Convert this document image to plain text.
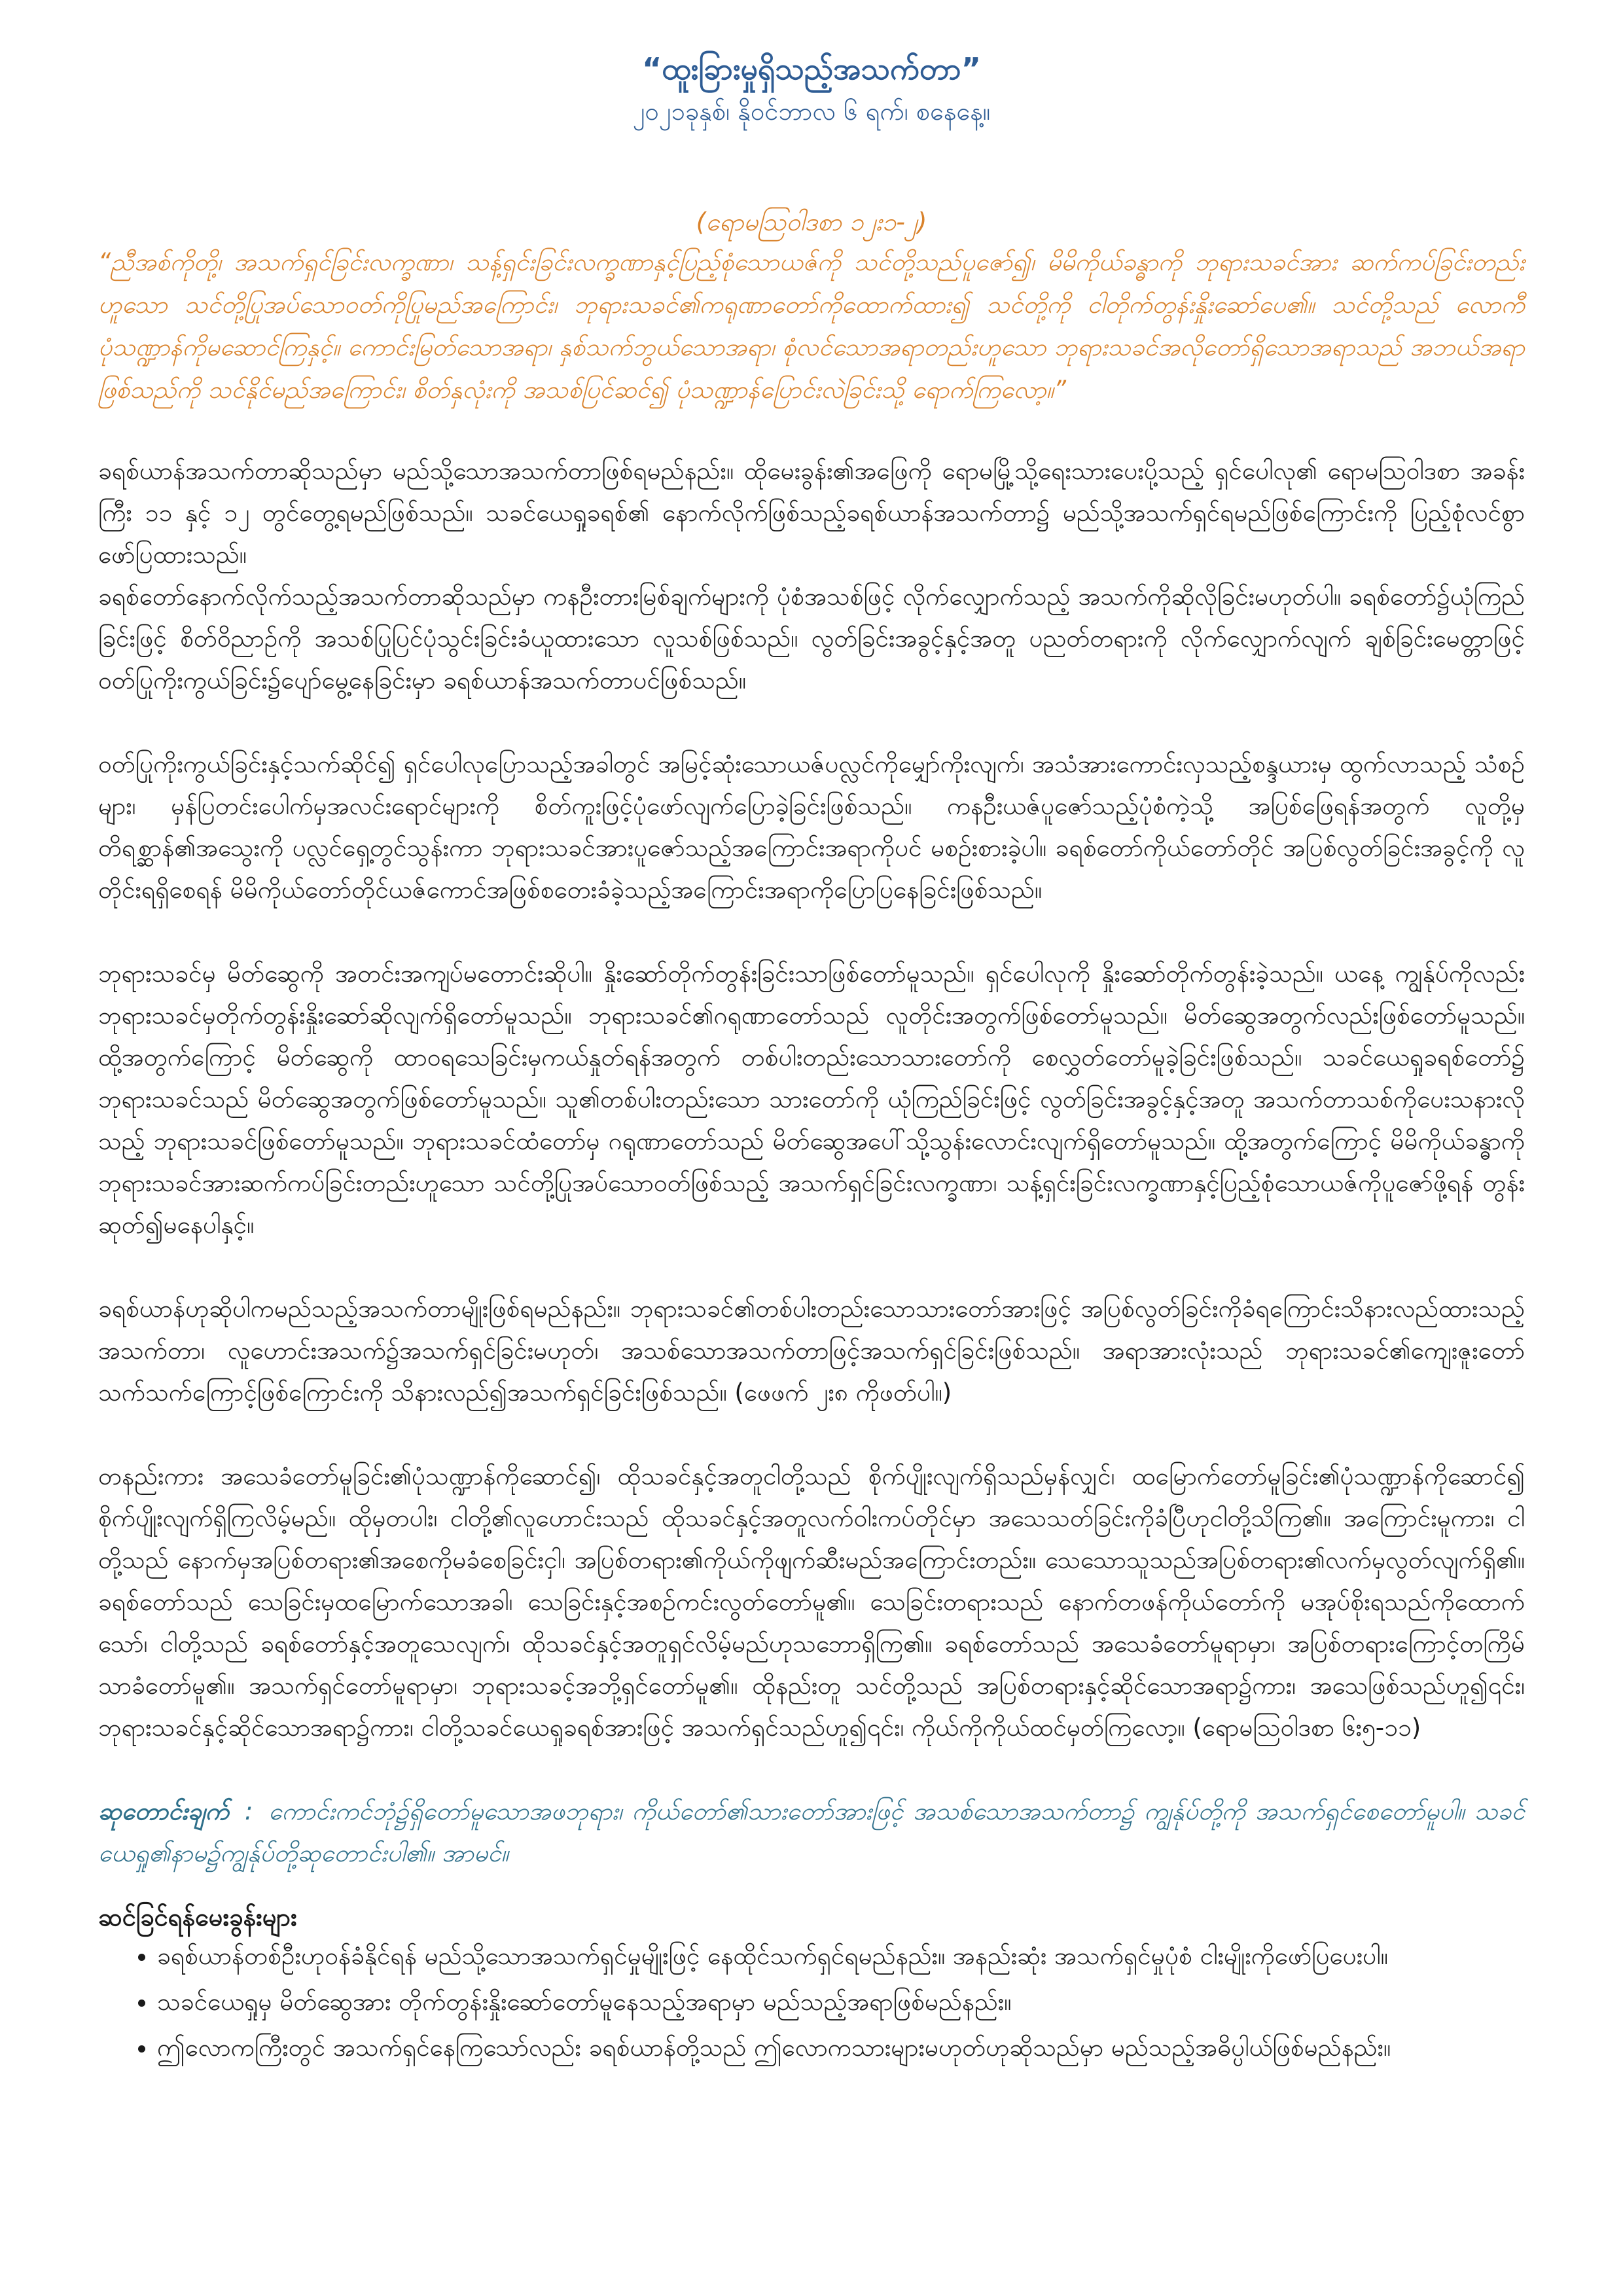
“ထူးခြားမှုရှိသည့်အသက်တာ”

၂၀၂၁ခုနှစ်၊ နိုဝင်ဘာလ ၆ ရက်၊ စနေနေ့။

(ရောမဩဝါဒစာ ၁၂း၁-၂)

“ညီအစ်ကိုတို့၊ အသက်ရှင်ခြင်းလက္ခဏာ၊ သန့်ရှင်းခြင်းလက္ခဏာနှင့်ပြည့်စုံသောယဇ်ကို သင်တို့သည်ပူဇော်၍၊ မိမိကိုယ်ခန္ဓာကို ဘုရားသခင်အား ဆက်ကပ်ခြင်းတည်းဟူသော သင်တို့ပြုအပ်သောဝတ်ကိုပြုမည်အကြောင်း၊ ဘုရားသခင်၏ကရုဏာတော်ကိုထောက်ထား၍ သင်တို့ကို ငါတိုက်တွန်းနှိုးဆော်ပေ၏။ သင်တို့သည် လောကီပုံသဏ္ဍာန်ကိုမဆောင်ကြနှင့်။ ကောင်းမြတ်သောအရာ၊ နှစ်သက်ဘွယ်သောအရာ၊ စုံလင်သောအရာတည်းဟူသော ဘုရားသခင်အလိုတော်ရှိသောအရာသည် အဘယ်အရာဖြစ်သည်ကို သင်နိုင်မည်အကြောင်း၊ စိတ်နှလုံးကို အသစ်ပြင်ဆင်၍ ပုံသဏ္ဍာန်ပြောင်းလဲခြင်းသို့ ရောက်ကြလော့။”

ခရစ်ယာန်အသက်တာဆိုသည်မှာ မည်သို့သောအသက်တာဖြစ်ရမည်နည်း။ ထိုမေးခွန်း၏အဖြေကို ရောမမြို့သို့ရေးသားပေးပို့သည့် ရှင်ပေါလု၏ ရောမဩဝါဒစာ အခန်းကြီး ၁၁ နှင့် ၁၂ တွင်တွေ့ရမည်ဖြစ်သည်။ သခင်ယေရှုခရစ်၏ နောက်လိုက်ဖြစ်သည့်ခရစ်ယာန်အသက်တာ၌ မည်သို့အသက်ရှင်ရမည်ဖြစ်ကြောင်းကို ပြည့်စုံလင်စွာဖော်ပြထားသည်။

ခရစ်တော်နောက်လိုက်သည့်အသက်တာဆိုသည်မှာ ကနဦးတားမြစ်ချက်များကို ပုံစံအသစ်ဖြင့် လိုက်လျှောက်သည့် အသက်ကိုဆိုလိုခြင်းမဟုတ်ပါ။ ခရစ်တော်၌ယုံကြည်ခြင်းဖြင့် စိတ်ဝိညာဉ်ကို အသစ်ပြုပြင်ပုံသွင်းခြင်းခံယူထားသော လူသစ်ဖြစ်သည်။ လွတ်ခြင်းအခွင့်နှင့်အတူ ပညတ်တရားကို လိုက်လျှောက်လျက် ချစ်ခြင်းမေတ္တာဖြင့် ဝတ်ပြုကိုးကွယ်ခြင်း၌ပျော်မွေ့နေခြင်းမှာ ခရစ်ယာန်အသက်တာပင်ဖြစ်သည်။

ဝတ်ပြုကိုးကွယ်ခြင်းနှင့်သက်ဆိုင်၍ ရှင်ပေါလုပြောသည့်အခါတွင် အမြင့်ဆုံးသောယဇ်ပလ္လင်ကိုမျှော်ကိုးလျက်၊ အသံအားကောင်းလှသည့်စန္ဒယားမှ ထွက်လာသည့် သံစဉ်များ၊ မှန်ပြတင်းပေါက်မှအလင်းရောင်များကို စိတ်ကူးဖြင့်ပုံဖော်လျက်ပြောခဲ့ခြင်းဖြစ်သည်။ ကနဦးယဇ်ပူဇော်သည့်ပုံစံကဲ့သို့ အပြစ်ဖြေရန်အတွက် လူတို့မှတိရစ္ဆာန်၏အသွေးကို ပလ္လင်ရှေ့တွင်သွန်းကာ ဘုရားသခင်အားပူဇော်သည့်အကြောင်းအရာကိုပင် မစဉ်းစားခဲ့ပါ။ ခရစ်တော်ကိုယ်တော်တိုင် အပြစ်လွတ်ခြင်းအခွင့်ကို လူတိုင်းရရှိစေရန် မိမိကိုယ်တော်တိုင်ယဇ်ကောင်အဖြစ်စတေးခံခဲ့သည့်အကြောင်းအရာကိုပြောပြနေခြင်းဖြစ်သည်။

ဘုရားသခင်မှ မိတ်ဆွေကို အတင်းအကျပ်မတောင်းဆိုပါ။ နှိုးဆော်တိုက်တွန်းခြင်းသာဖြစ်တော်မူသည်။ ရှင်ပေါလုကို နှိုးဆော်တိုက်တွန်းခဲ့သည်။ ယနေ့ ကျွန်ုပ်ကိုလည်း ဘုရားသခင်မှတိုက်တွန်းနှိုးဆော်ဆိုလျက်ရှိတော်မူသည်။ ဘုရားသခင်၏ဂရုဏာတော်သည် လူတိုင်းအတွက်ဖြစ်တော်မူသည်။ မိတ်ဆွေအတွက်လည်းဖြစ်တော်မူသည်။ ထို့အတွက်ကြောင့် မိတ်ဆွေကို ထာဝရသေခြင်းမှကယ်နှုတ်ရန်အတွက် တစ်ပါးတည်းသောသားတော်ကို စေလွှတ်တော်မူခဲ့ခြင်းဖြစ်သည်။ သခင်ယေရှုခရစ်တော်၌ ဘုရားသခင်သည် မိတ်ဆွေအတွက်ဖြစ်တော်မူသည်။ သူ၏တစ်ပါးတည်းသော သားတော်ကို ယုံကြည်ခြင်းဖြင့် လွတ်ခြင်းအခွင့်နှင့်အတူ အသက်တာသစ်ကိုပေးသနားလိုသည့် ဘုရားသခင်ဖြစ်တော်မူသည်။ ဘုရားသခင်ထံတော်မှ ဂရုဏာတော်သည် မိတ်ဆွေအပေါ်သို့သွန်းလောင်းလျက်ရှိတော်မူသည်။ ထို့အတွက်ကြောင့် မိမိကိုယ်ခန္ဓာကို ဘုရားသခင်အားဆက်ကပ်ခြင်းတည်းဟူသော သင်တို့ပြုအပ်သောဝတ်ဖြစ်သည့် အသက်ရှင်ခြင်းလက္ခဏာ၊ သန့်ရှင်းခြင်းလက္ခဏာနှင့်ပြည့်စုံသောယဇ်ကိုပူဇော်ဖို့ရန် တွန်းဆုတ်၍မနေပါနှင့်။

ခရစ်ယာန်ဟုဆိုပါကမည်သည့်အသက်တာမျိုးဖြစ်ရမည်နည်း။ ဘုရားသခင်၏တစ်ပါးတည်းသောသားတော်အားဖြင့် အပြစ်လွတ်ခြင်းကိုခံရကြောင်းသိနားလည်ထားသည့်အသက်တာ၊ လူဟောင်းအသက်၌အသက်ရှင်ခြင်းမဟုတ်၊ အသစ်သောအသက်တာဖြင့်အသက်ရှင်ခြင်းဖြစ်သည်။ အရာအားလုံးသည် ဘုရားသခင်၏ကျေးဇူးတော်သက်သက်ကြောင့်ဖြစ်ကြောင်းကို သိနားလည်၍အသက်ရှင်ခြင်းဖြစ်သည်။ (ဖေဖက် ၂း၈ ကိုဖတ်ပါ။)

တနည်းကား အသေခံတော်မူခြင်း၏ပုံသဏ္ဍာန်ကိုဆောင်၍၊ ထိုသခင်နှင့်အတူငါတို့သည် စိုက်ပျိုးလျက်ရှိသည်မှန်လျှင်၊ ထမြောက်တော်မူခြင်း၏ပုံသဏ္ဍာန်ကိုဆောင်၍ စိုက်ပျိုးလျက်ရှိကြလိမ့်မည်။ ထိုမှတပါး၊ ငါတို့၏လူဟောင်းသည် ထိုသခင်နှင့်အတူလက်ဝါးကပ်တိုင်မှာ အသေသတ်ခြင်းကိုခံပြီဟုငါတို့သိကြ၏။ အကြောင်းမူကား၊ ငါတို့သည် နောက်မှအပြစ်တရား၏အစေကိုမခံစေခြင်းငှါ၊ အပြစ်တရား၏ကိုယ်ကိုဖျက်ဆီးမည်အကြောင်းတည်း။ သေသောသူသည်အပြစ်တရား၏လက်မှလွတ်လျက်ရှိ၏။ ခရစ်တော်သည် သေခြင်းမှထမြောက်သောအခါ၊ သေခြင်းနှင့်အစဉ်ကင်းလွတ်တော်မူ၏။ သေခြင်းတရားသည် နောက်တဖန်ကိုယ်တော်ကို မအုပ်စိုးရသည်ကိုထောက်သော်၊ ငါတို့သည် ခရစ်တော်နှင့်အတူသေလျက်၊ ထိုသခင်နှင့်အတူရှင်လိမ့်မည်ဟုသဘောရှိကြ၏။ ခရစ်တော်သည် အသေခံတော်မူရာမှာ၊ အပြစ်တရားကြောင့်တကြိမ်သာခံတော်မူ၏။ အသက်ရှင်တော်မူရာမှာ၊ ဘုရားသခင့်အဘို့ရှင်တော်မူ၏။ ထိုနည်းတူ သင်တို့သည် အပြစ်တရားနှင့်ဆိုင်သောအရာ၌ကား၊ အသေဖြစ်သည်ဟူ၍၎င်း၊ ဘုရားသခင်နှင့်ဆိုင်သောအရာ၌ကား၊ ငါတို့သခင်ယေရှုခရစ်အားဖြင့် အသက်ရှင်သည်ဟူ၍၎င်း၊ ကိုယ်ကိုကိုယ်ထင်မှတ်ကြလော့။ (ရောမဩဝါဒစာ ၆း၅-၁၁)

ဆုတောင်းချက် : ကောင်းကင်ဘုံ၌ရှိတော်မူသောအဖဘုရား၊ ကိုယ်တော်၏သားတော်အားဖြင့် အသစ်သောအသက်တာ၌ ကျွန်ုပ်တို့ကို အသက်ရှင်စေတော်မူပါ။ သခင်ယေရှု၏နာမ၌ကျွန်ုပ်တို့ဆုတောင်းပါ၏။ အာမင်။

ဆင်ခြင်ရန်မေးခွန်းများ

• ခရစ်ယာန်တစ်ဦးဟုဝန်ခံနိုင်ရန် မည်သို့သောအသက်ရှင်မှုမျိုးဖြင့် နေထိုင်သက်ရှင်ရမည်နည်း။ အနည်းဆုံး အသက်ရှင်မှုပုံစံ ငါးမျိုးကိုဖော်ပြပေးပါ။
• သခင်ယေရှုမှ မိတ်ဆွေအား တိုက်တွန်းနှိုးဆော်တော်မူနေသည့်အရာမှာ မည်သည့်အရာဖြစ်မည်နည်း။
• ဤလောကကြီးတွင် အသက်ရှင်နေကြသော်လည်း ခရစ်ယာန်တို့သည် ဤလောကသားများမဟုတ်ဟုဆိုသည်မှာ မည်သည့်အဓိပ္ပါယ်ဖြစ်မည်နည်း။
